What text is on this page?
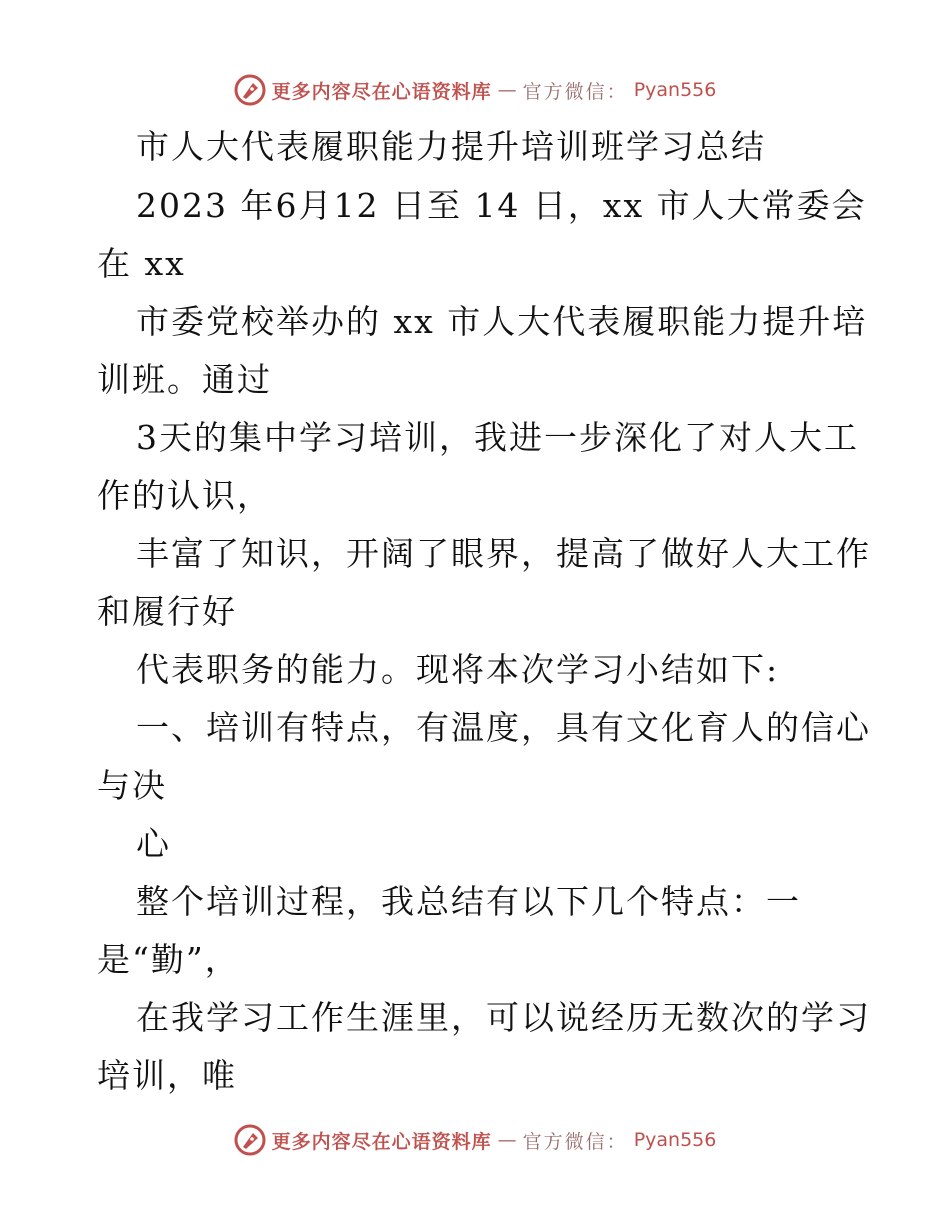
更多内容尽在心语资料库 — 官方微信： Pyan556
市人大代表履职能力提升培训班学习总结
2023 年6月12 日至 14 日，xx 市人大常委会
在 xx
市委党校举办的 xx 市人大代表履职能力提升培
训班。通过
3天的集中学习培训，我进一步深化了对人大工
作的认识，
丰富了知识，开阔了眼界，提高了做好人大工作
和履行好
代表职务的能力。现将本次学习小结如下:
一、培训有特点，有温度，具有文化育人的信心
与决
心
整个培训过程，我总结有以下几个特点：一
是“勤”，
在我学习工作生涯里，可以说经历无数次的学习
培训，唯
更多内容尽在心语资料库 — 官方微信： Pyan556
